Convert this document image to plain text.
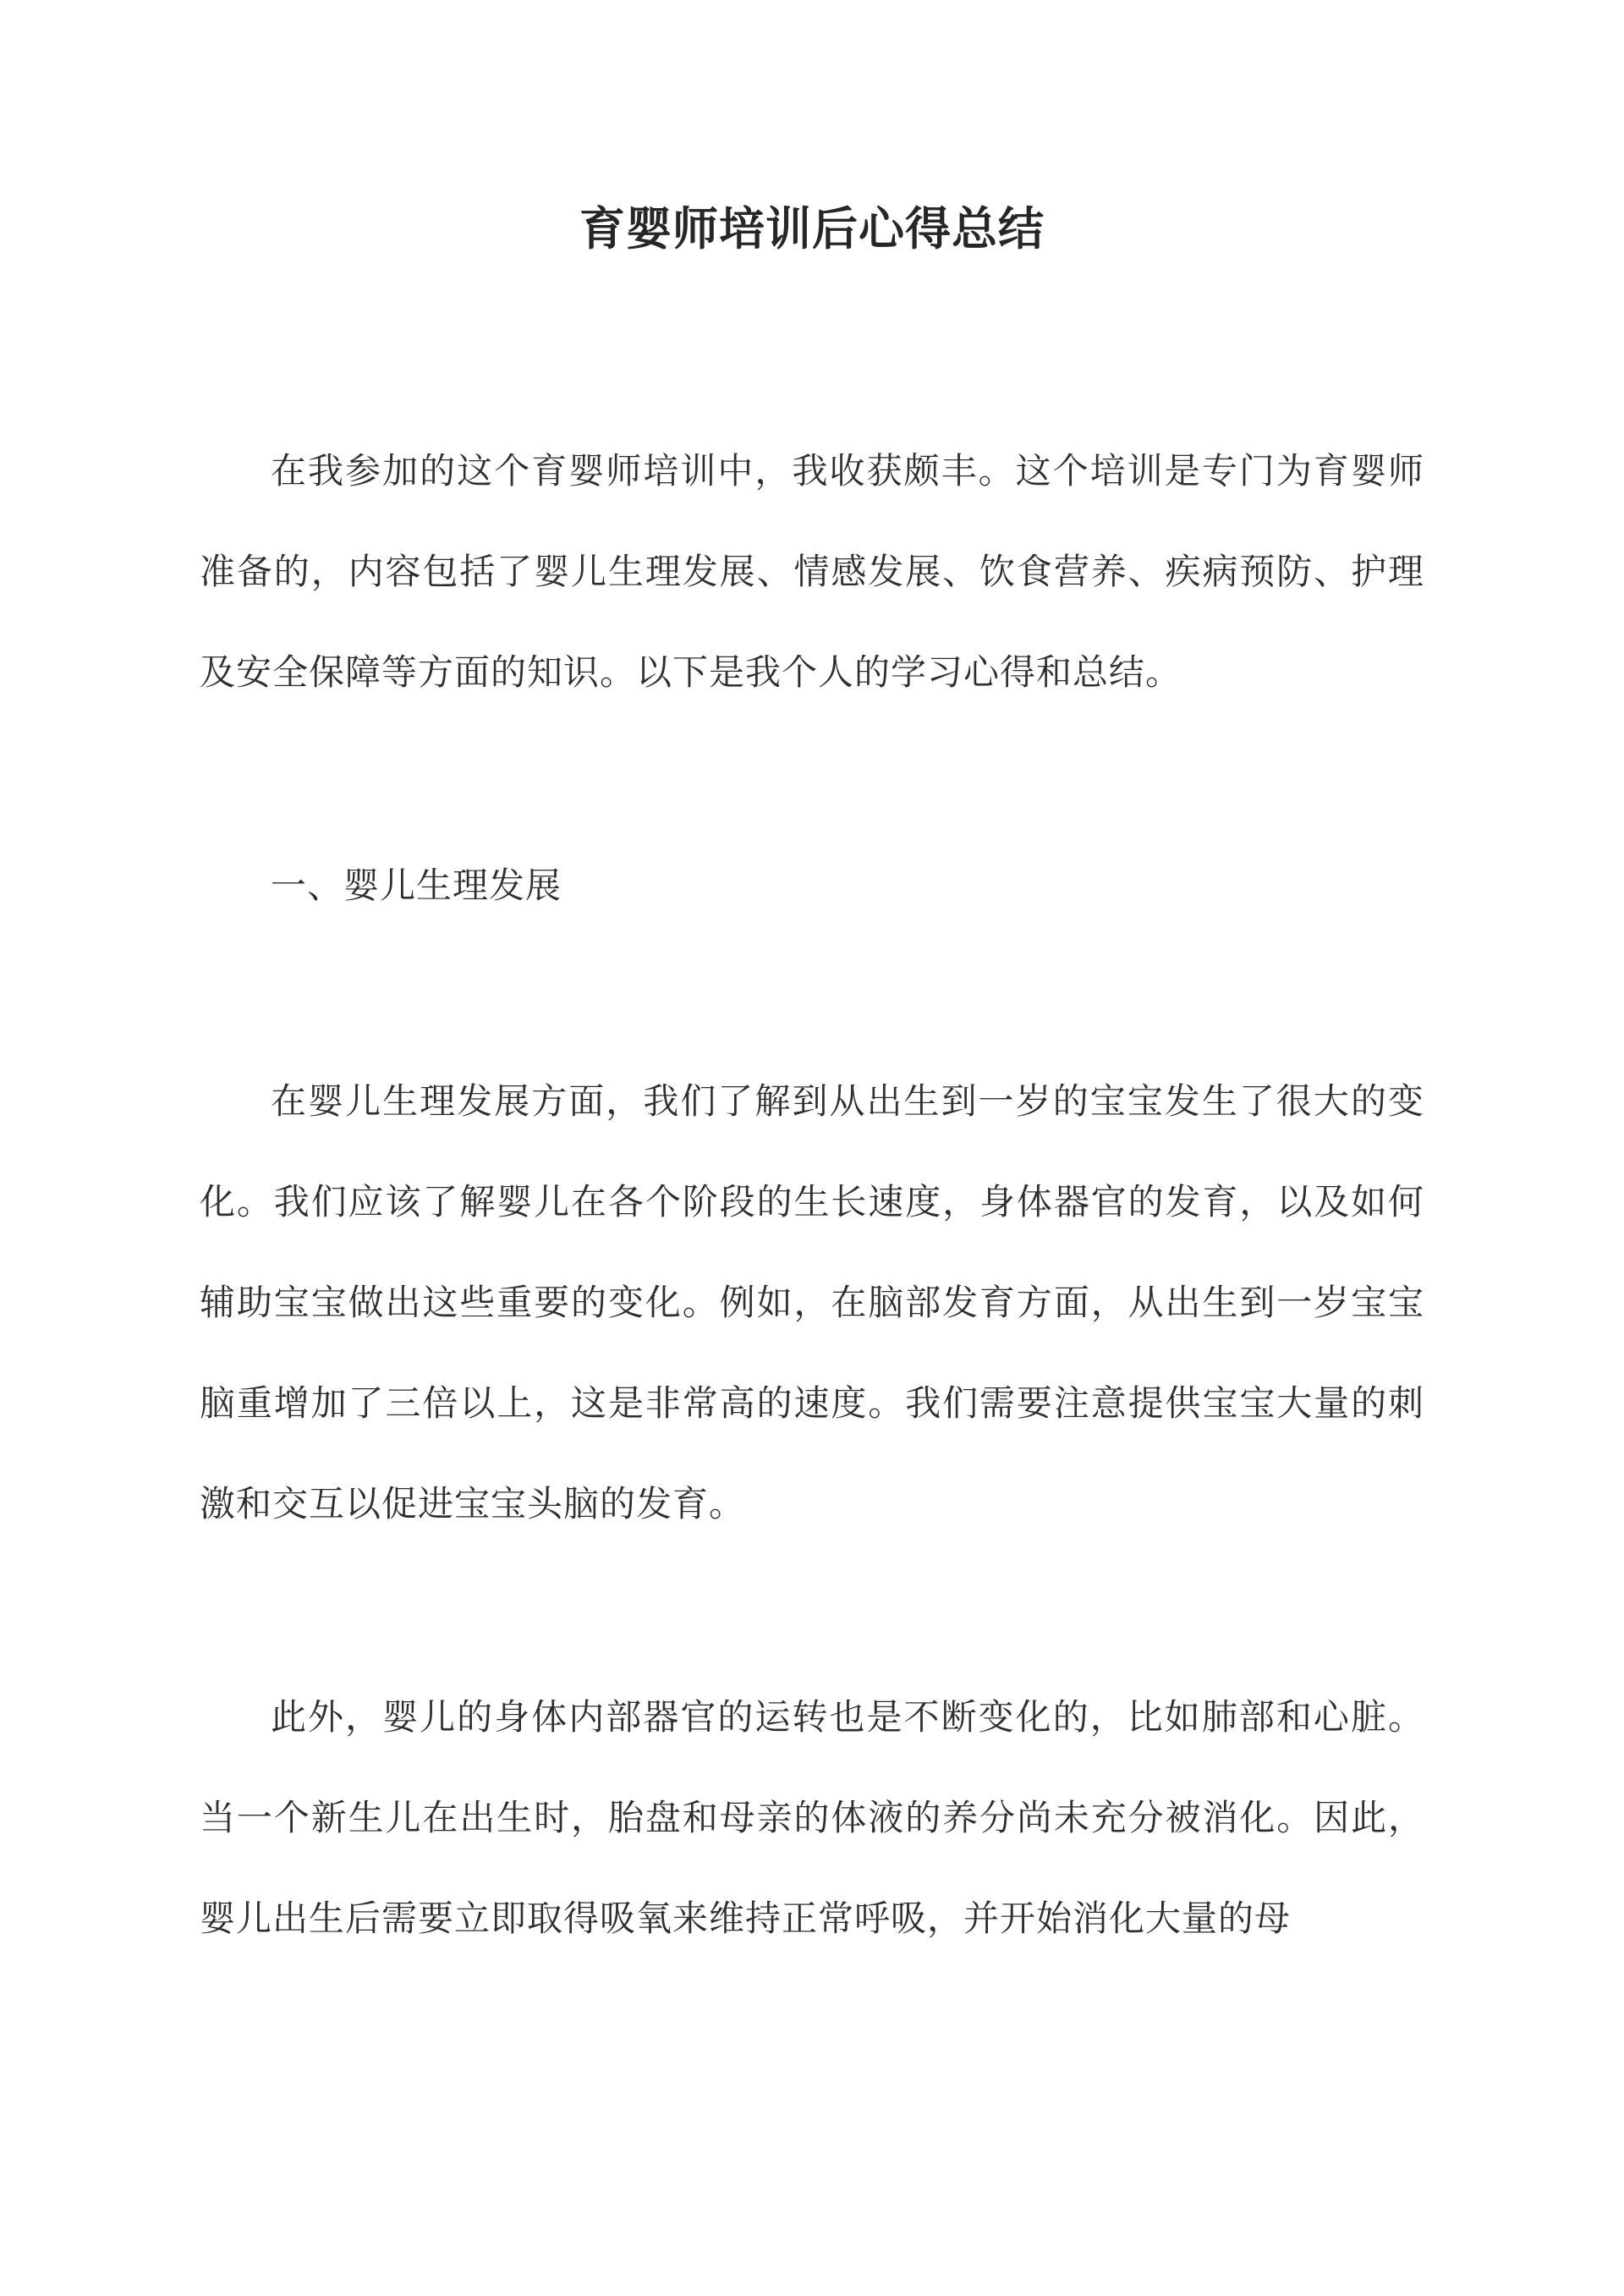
育婴师培训后心得总结

在我参加的这个育婴师培训中，我收获颇丰。这个培训是专门为育婴师准备的，内容包括了婴儿生理发展、情感发展、饮食营养、疾病预防、护理及安全保障等方面的知识。以下是我个人的学习心得和总结。

一、婴儿生理发展

在婴儿生理发展方面，我们了解到从出生到一岁的宝宝发生了很大的变化。我们应该了解婴儿在各个阶段的生长速度，身体器官的发育，以及如何辅助宝宝做出这些重要的变化。例如，在脑部发育方面，从出生到一岁宝宝脑重增加了三倍以上，这是非常高的速度。我们需要注意提供宝宝大量的刺激和交互以促进宝宝头脑的发育。

此外，婴儿的身体内部器官的运转也是不断变化的，比如肺部和心脏。当一个新生儿在出生时，胎盘和母亲的体液的养分尚未充分被消化。因此，婴儿出生后需要立即取得吸氧来维持正常呼吸，并开始消化大量的母
